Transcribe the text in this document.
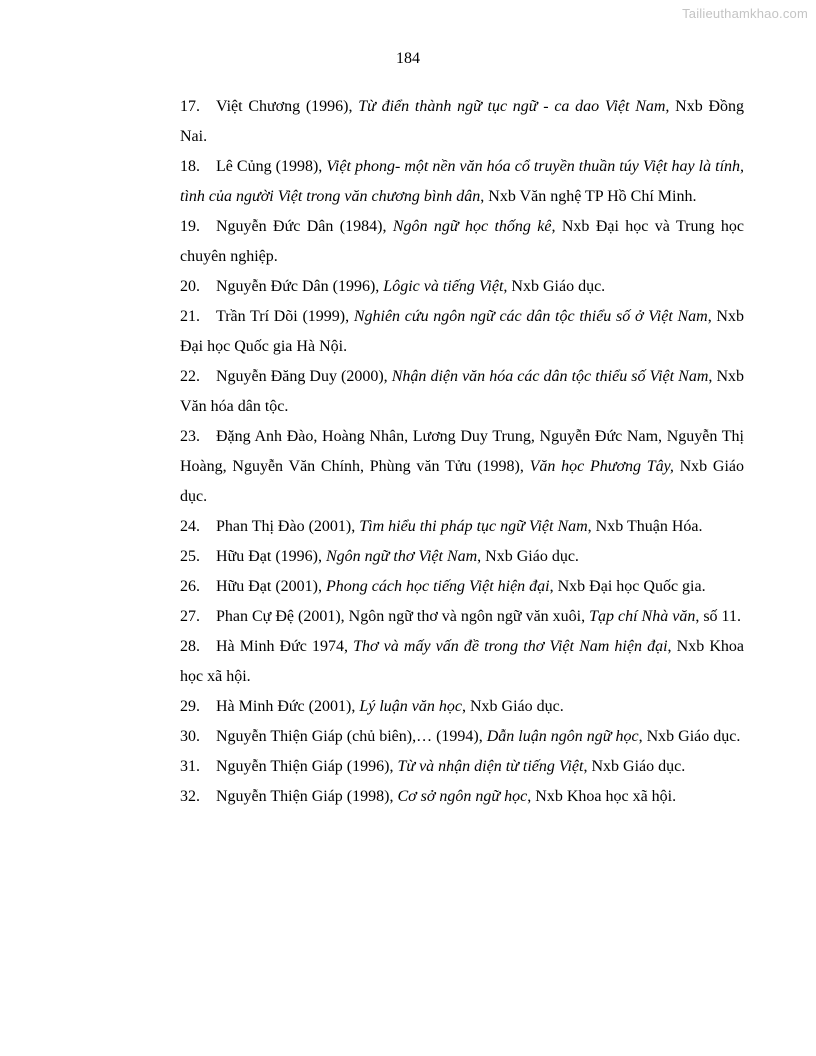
Tailieuthamkhao.com
184
17. Việt Chương (1996), Từ điển thành ngữ tục ngữ - ca dao Việt Nam, Nxb Đồng Nai.
18. Lê Củng (1998), Việt phong- một nền văn hóa cổ truyền thuần túy Việt hay là tính, tình của người Việt trong văn chương bình dân, Nxb Văn nghệ TP Hồ Chí Minh.
19. Nguyễn Đức Dân (1984), Ngôn ngữ học thống kê, Nxb Đại học và Trung học chuyên nghiệp.
20. Nguyễn Đức Dân (1996), Lôgic và tiếng Việt, Nxb Giáo dục.
21. Trần Trí Dõi (1999), Nghiên cứu ngôn ngữ các dân tộc thiểu số ở Việt Nam, Nxb Đại học Quốc gia Hà Nội.
22. Nguyễn Đăng Duy (2000), Nhận diện văn hóa các dân tộc thiểu số Việt Nam, Nxb Văn hóa dân tộc.
23. Đặng Anh Đào, Hoàng Nhân, Lương Duy Trung, Nguyễn Đức Nam, Nguyễn Thị Hoàng, Nguyễn Văn Chính, Phùng văn Tửu (1998), Văn học Phương Tây, Nxb Giáo dục.
24. Phan Thị Đào (2001), Tìm hiểu thi pháp tục ngữ Việt Nam, Nxb Thuận Hóa.
25. Hữu Đạt (1996), Ngôn ngữ thơ Việt Nam, Nxb Giáo dục.
26. Hữu Đạt (2001), Phong cách học tiếng Việt hiện đại, Nxb Đại học Quốc gia.
27. Phan Cự Đệ (2001), Ngôn ngữ thơ và ngôn ngữ văn xuôi, Tạp chí Nhà văn, số 11.
28. Hà Minh Đức 1974, Thơ và mấy vấn đề trong thơ Việt Nam hiện đại, Nxb Khoa học xã hội.
29. Hà Minh Đức (2001), Lý luận văn học, Nxb Giáo dục.
30. Nguyễn Thiện Giáp (chủ biên),… (1994), Dẫn luận ngôn ngữ học, Nxb Giáo dục.
31. Nguyễn Thiện Giáp (1996), Từ và nhận diện từ tiếng Việt, Nxb Giáo dục.
32. Nguyễn Thiện Giáp (1998), Cơ sở ngôn ngữ học, Nxb Khoa học xã hội.
